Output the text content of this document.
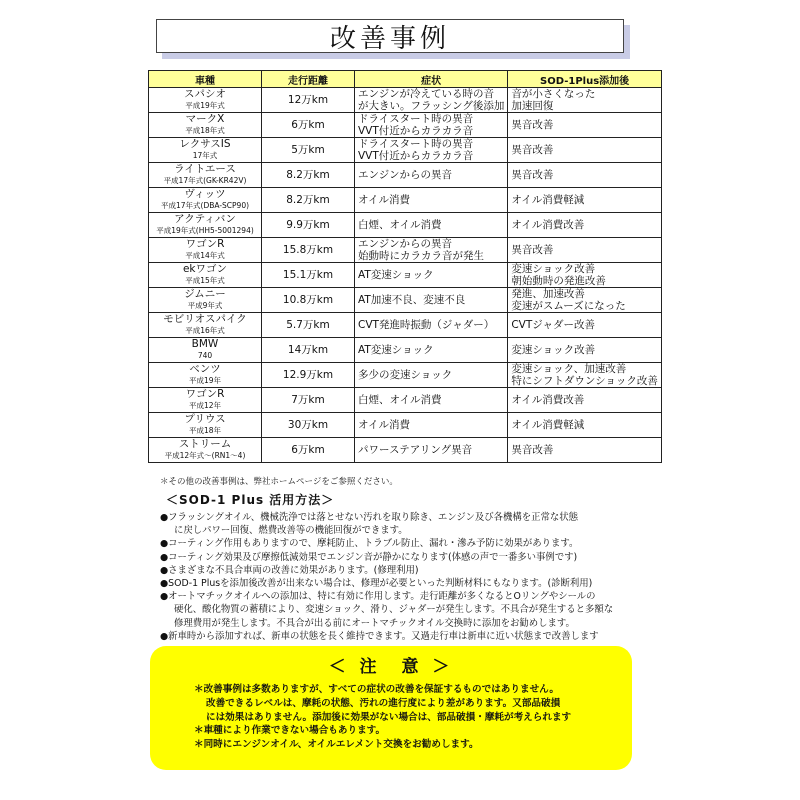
改善事例
車種	走行距離	症状	SOD-1Plus添加後
スパシオ
平成19年式	12万km	エンジンが冷えている時の音
が大きい。フラッシング後添加	音が小さくなった
加速回復

マークX
平成18年式	6万km	ドライスタート時の異音
VVT付近からカラカラ音	異音改善

レクサスIS
17年式	5万km	ドライスタート時の異音
VVT付近からカラカラ音	異音改善

ライトエース
平成17年式(GK-KR42V)	8.2万km	エンジンからの異音	異音改善

ヴィッツ
平成17年式(DBA-SCP90)	8.2万km	オイル消費	オイル消費軽減

アクティバン
平成19年式(HH5-5001294)	9.9万km	白煙、オイル消費	オイル消費改善

ワゴンR
平成14年式	15.8万km	エンジンからの異音
始動時にカラカラ音が発生	異音改善

ekワゴン
平成15年式	15.1万km	AT変速ショック	変速ショック改善
朝始動時の発進改善

ジムニー
平成9年式	10.8万km	AT加速不良、変速不良	発進、加速改善
変速がスムーズになった

モビリオスパイク
平成16年式	5.7万km	CVT発進時振動（ジャダー）	CVTジャダー改善

BMW
740	14万km	AT変速ショック	変速ショック改善

ベンツ
平成19年	12.9万km	多少の変速ショック	変速ショック、加速改善
特にシフトダウンショック改善

ワゴンR
平成12年	7万km	白煙、オイル消費	オイル消費改善

プリウス
平成18年	30万km	オイル消費	オイル消費軽減

ストリーム
平成12年式～(RN1～4)	6万km	パワーステアリング異音	異音改善
＊その他の改善事例は、弊社ホームページをご参照ください。
＜SOD-1 Plus 活用方法＞
●フラッシングオイル、機械洗浄では落とせない汚れを取り除き、エンジン及び各機構を正常な状態
に戻しパワー回復、燃費改善等の機能回復ができます。
●コーティング作用もありますので、摩耗防止、トラブル防止、漏れ・滲み予防に効果があります。
●コーティング効果及び摩擦低減効果でエンジン音が静かになります(体感の声で一番多い事例です)
●さまざまな不具合車両の改善に効果があります。(修理利用)
●SOD-1 Plusを添加後改善が出来ない場合は、修理が必要といった判断材料にもなります。(診断利用)
●オートマチックオイルへの添加は、特に有効に作用します。走行距離が多くなるとOリングやシールの
硬化、酸化物質の蓄積により、変速ショック、滑り、ジャダーが発生します。不具合が発生すると多額な
修理費用が発生します。不具合が出る前にオートマチックオイル交換時に添加をお勧めします。
●新車時から添加すれば、新車の状態を長く維持できます。又過走行車は新車に近い状態まで改善します
＜ 注　意 ＞
＊改善事例は多数ありますが、すべての症状の改善を保証するものではありません。
改善できるレベルは、摩耗の状態、汚れの進行度により差があります。又部品破損
には効果はありません。添加後に効果がない場合は、部品破損・摩耗が考えられます
＊車種により作業できない場合もあります。
＊同時にエンジンオイル、オイルエレメント交換をお勧めします。
